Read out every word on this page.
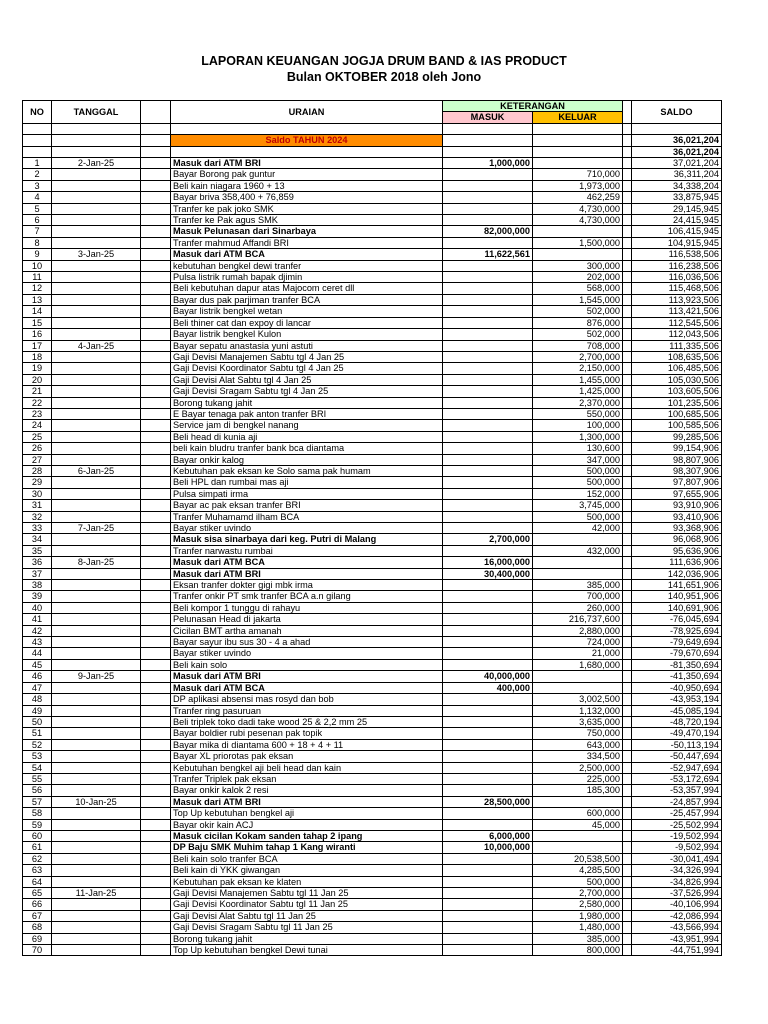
LAPORAN KEUANGAN JOGJA DRUM BAND & IAS PRODUCT
Bulan OKTOBER 2018 oleh Jono
NO	TANGGAL		URAIAN	KETERANGAN			SALDO
				MASUK	KELUAR		

			Saldo TAHUN 2024				36,021,204
							36,021,204
1	2-Jan-25		Masuk dari ATM BRI	1,000,000			37,021,204
2			Bayar Borong pak guntur		710,000		36,311,204
3			Beli kain niagara 1960 + 13		1,973,000		34,338,204
4			Bayar briva 358,400 + 76,859		462,259		33,875,945
5			Tranfer ke pak joko SMK		4,730,000		29,145,945
6			Tranfer ke Pak agus SMK		4,730,000		24,415,945
7			Masuk Pelunasan dari Sinarbaya	82,000,000			106,415,945
8			Tranfer mahmud Affandi BRI		1,500,000		104,915,945
9	3-Jan-25		Masuk dari ATM BCA	11,622,561			116,538,506
10			kebutuhan bengkel dewi tranfer		300,000		116,238,506
11			Pulsa listrik rumah bapak djimin		202,000		116,036,506
12			Beli kebutuhan dapur atas Majocom ceret dll		568,000		115,468,506
13			Bayar dus pak parjiman tranfer BCA		1,545,000		113,923,506
14			Bayar listrik bengkel wetan		502,000		113,421,506
15			Beli thiner cat dan expoy di lancar		876,000		112,545,506
16			Bayar listrik bengkel Kulon		502,000		112,043,506
17	4-Jan-25		Bayar sepatu anastasia yuni astuti		708,000		111,335,506
18			Gaji Devisi Manajemen Sabtu tgl 4 Jan 25		2,700,000		108,635,506
19			Gaji Devisi Koordinator Sabtu tgl 4 Jan 25		2,150,000		106,485,506
20			Gaji Devisi Alat Sabtu tgl 4 Jan 25		1,455,000		105,030,506
21			Gaji Devisi Sragam Sabtu tgl 4 Jan 25		1,425,000		103,605,506
22			Borong tukang jahit		2,370,000		101,235,506
23			E Bayar tenaga pak anton tranfer BRI		550,000		100,685,506
24			Service jam di bengkel nanang		100,000		100,585,506
25			Beli head di kunia aji		1,300,000		99,285,506
26			beli kain bludru tranfer bank bca diantama		130,600		99,154,906
27			Bayar onkir kalog		347,000		98,807,906
28	6-Jan-25		Kebutuhan pak eksan ke Solo sama pak humam		500,000		98,307,906
29			Beli HPL dan rumbai mas aji		500,000		97,807,906
30			Pulsa simpati irma		152,000		97,655,906
31			Bayar ac pak eksan tranfer BRI		3,745,000		93,910,906
32			Tranfer Muhamamd ilham BCA		500,000		93,410,906
33	7-Jan-25		Bayar stiker uvindo		42,000		93,368,906
34			Masuk sisa sinarbaya dari keg. Putri di Malang	2,700,000			96,068,906
35			Tranfer narwastu rumbai		432,000		95,636,906
36	8-Jan-25		Masuk dari ATM BCA	16,000,000			111,636,906
37			Masuk dari ATM BRI	30,400,000			142,036,906
38			Eksan tranfer dokter gigi mbk irma		385,000		141,651,906
39			Tranfer onkir PT smk tranfer BCA a.n gilang		700,000		140,951,906
40			Beli kompor 1 tunggu di rahayu		260,000		140,691,906
41			Pelunasan Head di jakarta		216,737,600		-76,045,694
42			Cicilan BMT artha amanah		2,880,000		-78,925,694
43			Bayar sayur ibu sus 30 - 4 a ahad		724,000		-79,649,694
44			Bayar stiker uvindo		21,000		-79,670,694
45			Beli kain solo		1,680,000		-81,350,694
46	9-Jan-25		Masuk dari ATM BRI	40,000,000			-41,350,694
47			Masuk dari ATM BCA	400,000			-40,950,694
48			DP aplikasi absensi mas rosyd dan bob		3,002,500		-43,953,194
49			Tranfer ring pasuruan		1,132,000		-45,085,194
50			Beli triplek toko dadi take wood 25 & 2,2 mm 25		3,635,000		-48,720,194
51			Bayar boldier rubi pesenan pak topik		750,000		-49,470,194
52			Bayar mika di diantama 600 + 18 + 4 + 11		643,000		-50,113,194
53			Bayar XL priorotas pak eksan		334,500		-50,447,694
54			Kebutuhan bengkel aji beli head dan kain		2,500,000		-52,947,694
55			Tranfer Triplek pak eksan		225,000		-53,172,694
56			Bayar onkir kalok 2 resi		185,300		-53,357,994
57	10-Jan-25		Masuk dari ATM BRI	28,500,000			-24,857,994
58			Top Up kebutuhan bengkel aji		600,000		-25,457,994
59			Bayar okir kain ACJ		45,000		-25,502,994
60			Masuk cicilan Kokam sanden tahap 2 ipang	6,000,000			-19,502,994
61			DP Baju SMK Muhim tahap 1 Kang wiranti	10,000,000			-9,502,994
62			Beli kain solo tranfer BCA		20,538,500		-30,041,494
63			Beli kain di YKK giwangan		4,285,500		-34,326,994
64			Kebutuhan pak eksan ke klaten		500,000		-34,826,994
65	11-Jan-25		Gaji Devisi Manajemen Sabtu tgl 11 Jan 25		2,700,000		-37,526,994
66			Gaji Devisi Koordinator Sabtu tgl 11 Jan 25		2,580,000		-40,106,994
67			Gaji Devisi Alat Sabtu tgl 11 Jan 25		1,980,000		-42,086,994
68			Gaji Devisi Sragam Sabtu tgl 11 Jan 25		1,480,000		-43,566,994
69			Borong tukang jahit		385,000		-43,951,994
70			Top Up kebutuhan bengkel Dewi tunai		800,000		-44,751,994
